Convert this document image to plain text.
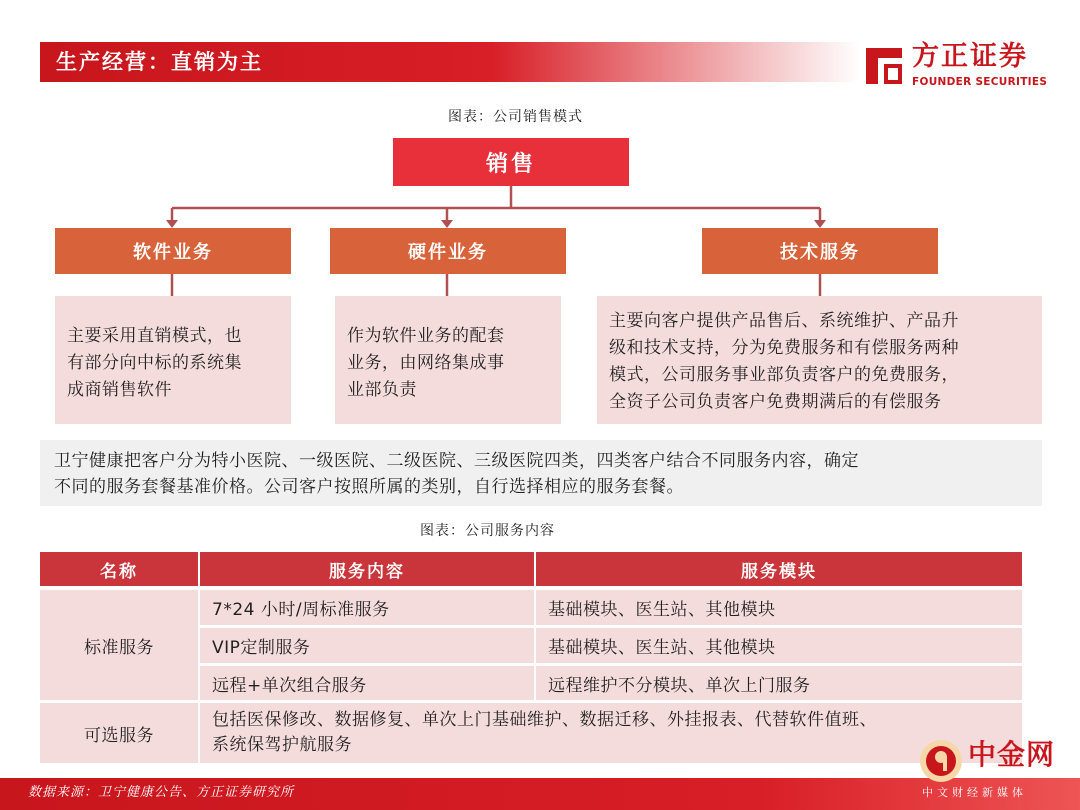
生产经营：直销为主	方正证券
FOUNDER SECURITIES
图表：公司销售模式
销售
软件业务	硬件业务	技术服务
主要采用直销模式，也
有部分向中标的系统集
成商销售软件
作为软件业务的配套
业务，由网络集成事
业部负责
主要向客户提供产品售后、系统维护、产品升
级和技术支持，分为免费服务和有偿服务两种
模式，公司服务事业部负责客户的免费服务，
全资子公司负责客户免费期满后的有偿服务
卫宁健康把客户分为特小医院、一级医院、二级医院、三级医院四类，四类客户结合不同服务内容，确定
不同的服务套餐基准价格。公司客户按照所属的类别，自行选择相应的服务套餐。
图表：公司服务内容
名称	服务内容	服务模块
标准服务
7*24 小时/周标准服务	基础模块、医生站、其他模块
VIP定制服务	基础模块、医生站、其他模块
远程+单次组合服务	远程维护不分模块、单次上门服务
可选服务
包括医保修改、数据修复、单次上门基础维护、数据迁移、外挂报表、代替软件值班、
系统保驾护航服务
数据来源：卫宁健康公告、方正证券研究所
中金网
CNGOLD.COM.CN
中文财经新媒体
